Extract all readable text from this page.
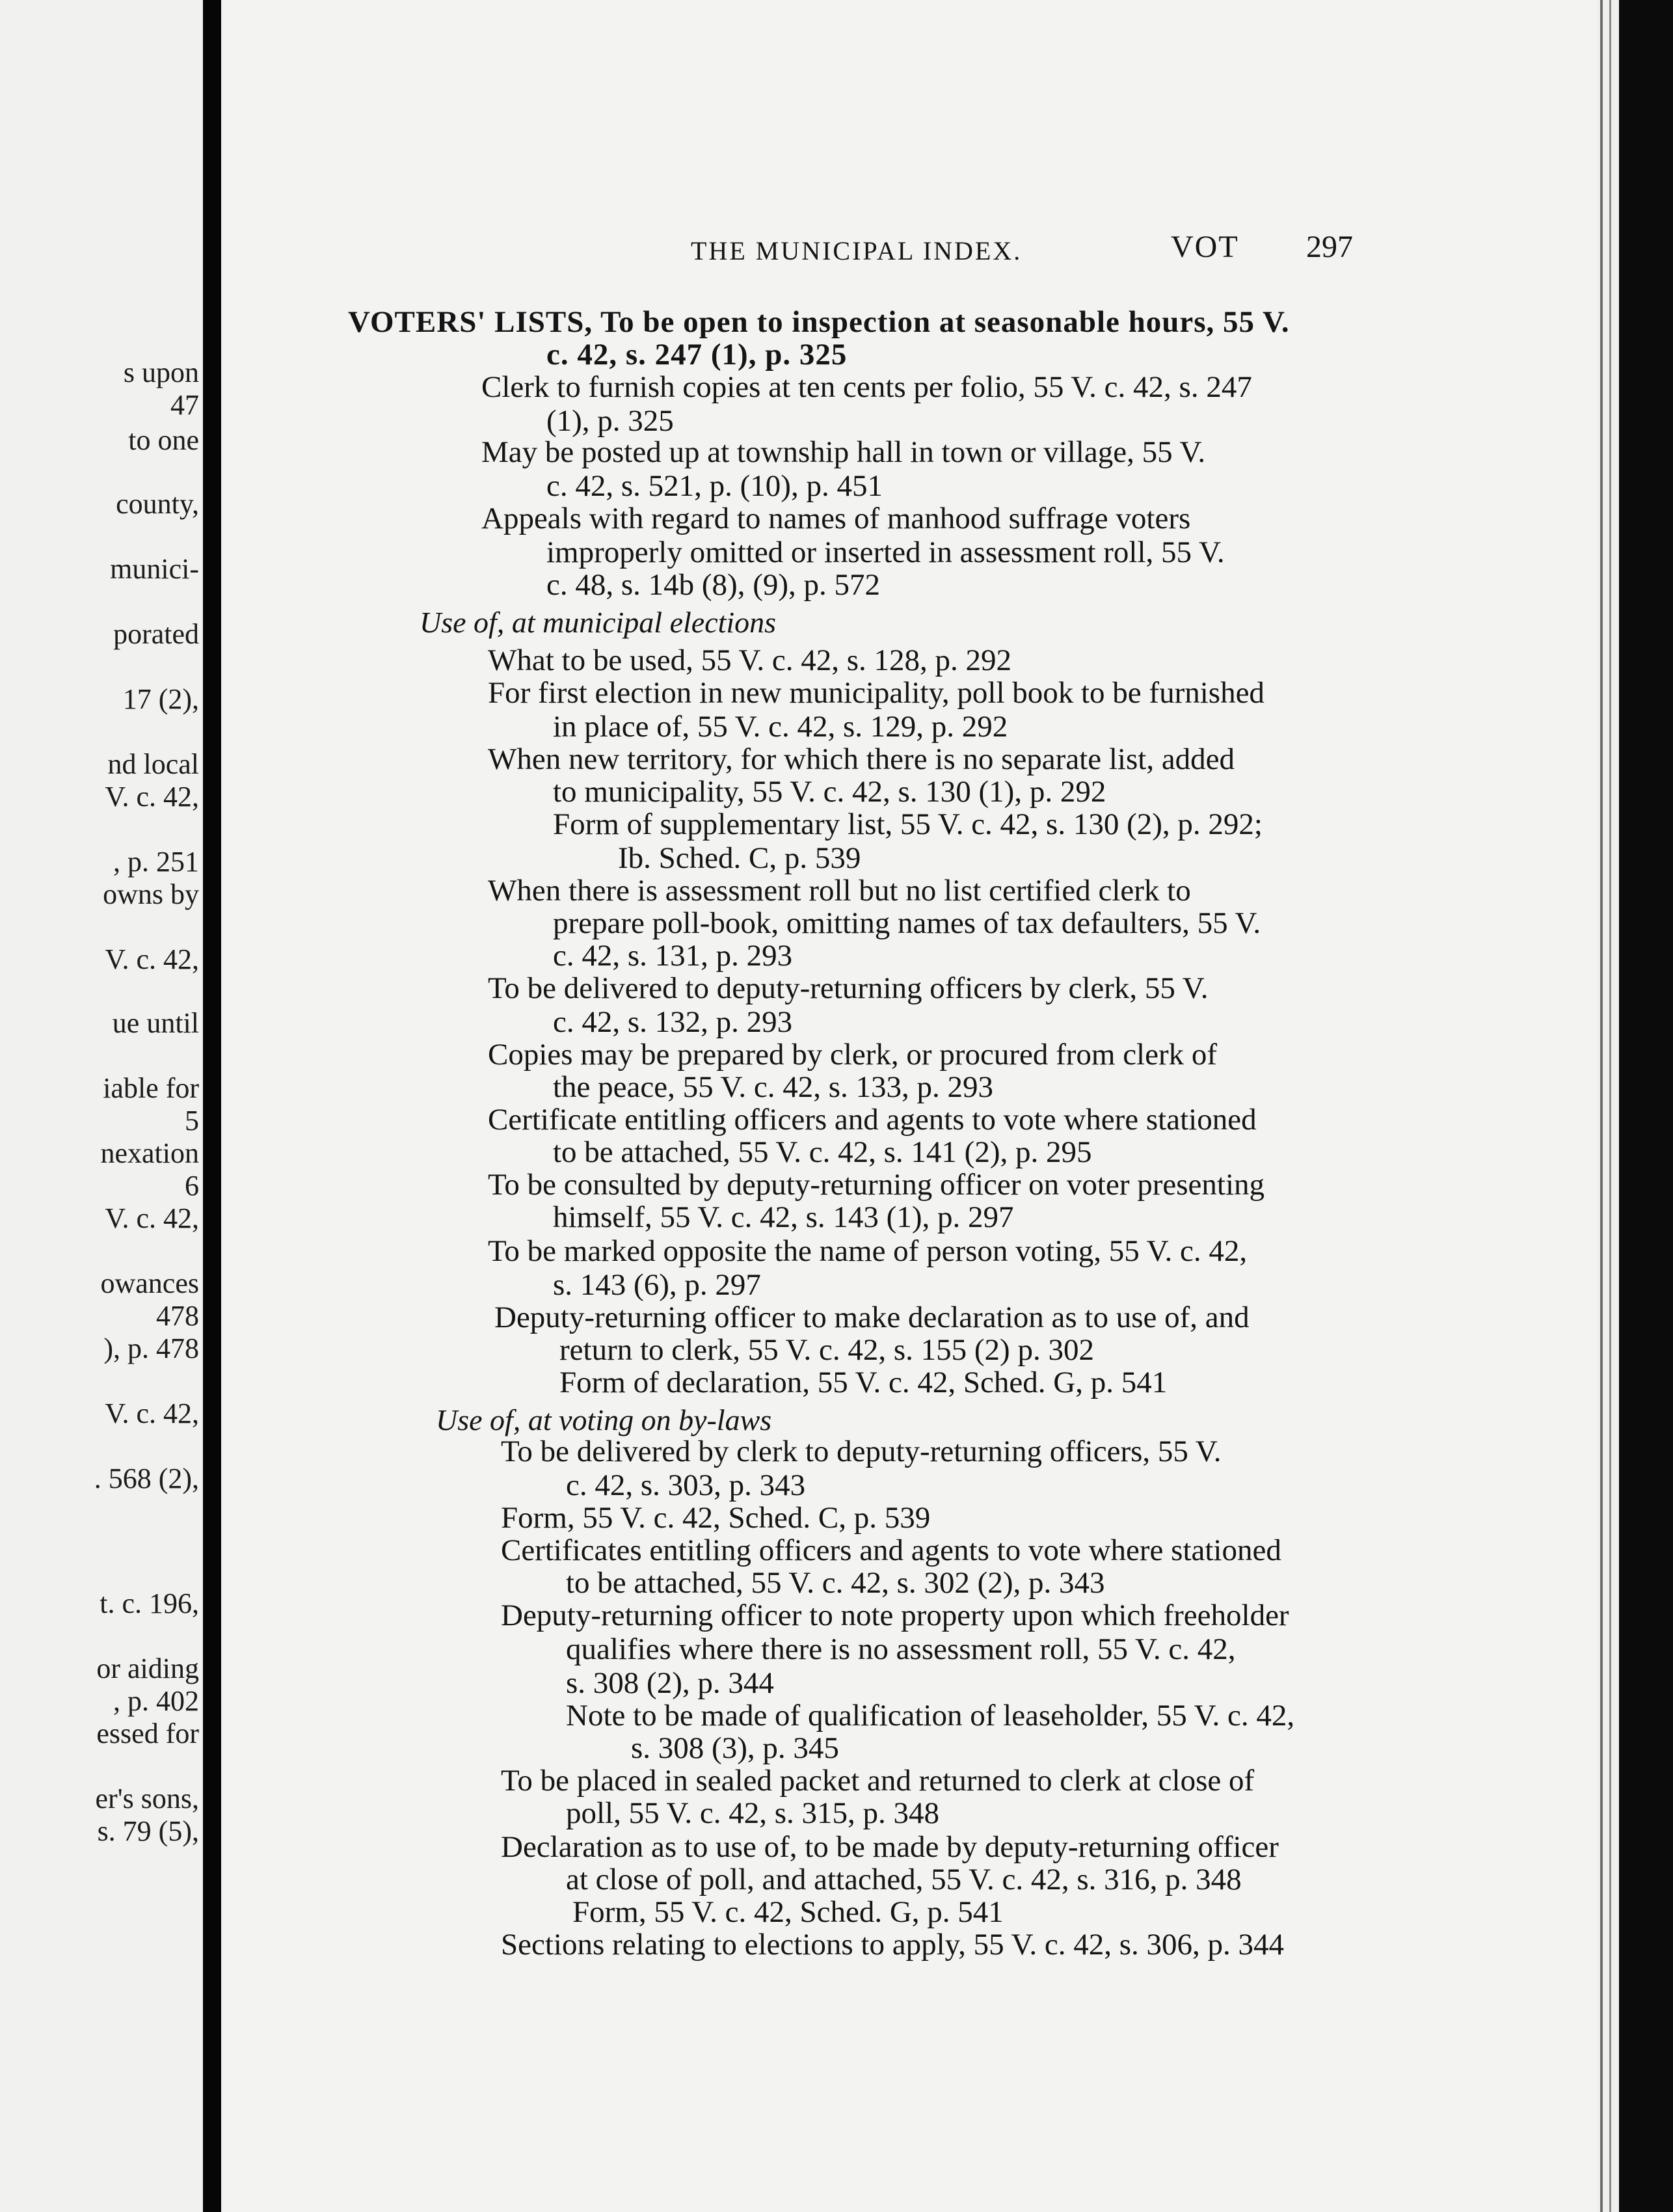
s upon
47
to one
county,
munici-
porated
17 (2),
nd local
V. c. 42,
, p. 251
owns by
V. c. 42,
ue until
iable for
5
nexation
6
V. c. 42,
owances
478
), p. 478
V. c. 42,
. 568 (2),
t. c. 196,
or aiding
, p. 402
essed for
er's sons,
s. 79 (5),
THE MUNICIPAL INDEX.	VOT 297
VOTERS' LISTS, To be open to inspection at seasonable hours, 55 V.
c. 42, s. 247 (1), p. 325
Clerk to furnish copies at ten cents per folio, 55 V. c. 42, s. 247
(1), p. 325
May be posted up at township hall in town or village, 55 V.
c. 42, s. 521, p. (10), p. 451
Appeals with regard to names of manhood suffrage voters
improperly omitted or inserted in assessment roll, 55 V.
c. 48, s. 14b (8), (9), p. 572
Use of, at municipal elections
What to be used, 55 V. c. 42, s. 128, p. 292
For first election in new municipality, poll book to be furnished
in place of, 55 V. c. 42, s. 129, p. 292
When new territory, for which there is no separate list, added
to municipality, 55 V. c. 42, s. 130 (1), p. 292
Form of supplementary list, 55 V. c. 42, s. 130 (2), p. 292;
Ib. Sched. C, p. 539
When there is assessment roll but no list certified clerk to
prepare poll-book, omitting names of tax defaulters, 55 V.
c. 42, s. 131, p. 293
To be delivered to deputy-returning officers by clerk, 55 V.
c. 42, s. 132, p. 293
Copies may be prepared by clerk, or procured from clerk of
the peace, 55 V. c. 42, s. 133, p. 293
Certificate entitling officers and agents to vote where stationed
to be attached, 55 V. c. 42, s. 141 (2), p. 295
To be consulted by deputy-returning officer on voter presenting
himself, 55 V. c. 42, s. 143 (1), p. 297
To be marked opposite the name of person voting, 55 V. c. 42,
s. 143 (6), p. 297
Deputy-returning officer to make declaration as to use of, and
return to clerk, 55 V. c. 42, s. 155 (2) p. 302
Form of declaration, 55 V. c. 42, Sched. G, p. 541
Use of, at voting on by-laws
To be delivered by clerk to deputy-returning officers, 55 V.
c. 42, s. 303, p. 343
Form, 55 V. c. 42, Sched. C, p. 539
Certificates entitling officers and agents to vote where stationed
to be attached, 55 V. c. 42, s. 302 (2), p. 343
Deputy-returning officer to note property upon which freeholder
qualifies where there is no assessment roll, 55 V. c. 42,
s. 308 (2), p. 344
Note to be made of qualification of leaseholder, 55 V. c. 42,
s. 308 (3), p. 345
To be placed in sealed packet and returned to clerk at close of
poll, 55 V. c. 42, s. 315, p. 348
Declaration as to use of, to be made by deputy-returning officer
at close of poll, and attached, 55 V. c. 42, s. 316, p. 348
Form, 55 V. c. 42, Sched. G, p. 541
Sections relating to elections to apply, 55 V. c. 42, s. 306, p. 344
